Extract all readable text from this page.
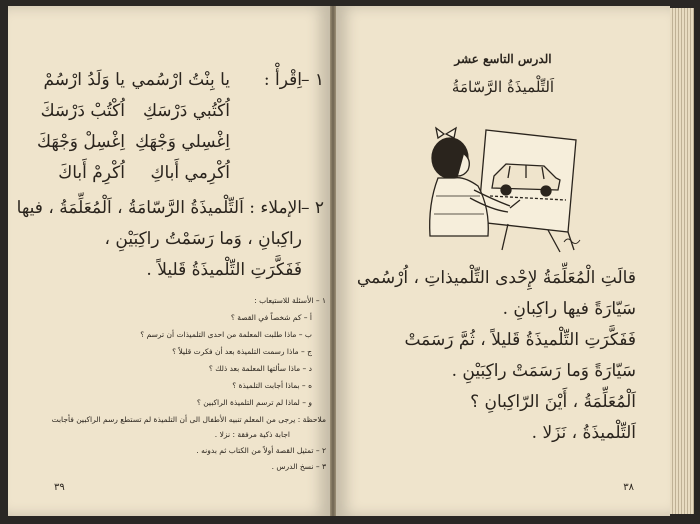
١ –
اِقْرأْ :
يا بِنْتُ ارْسُمي
اُكْتُبي دَرْسَكِ
اِغْسِلي وَجْهَكِ
اُكْرِمي أَباكِ
يا وَلَدُ ارْسُمْ
اُكْتُبْ دَرْسَكَ
اِغْسِلْ وَجْهَكَ
اُكْرِمْ أَباكَ
٢ –
الإملاء : اَلتِّلْميذَةُ الرَّسّامَةُ ، اَلْمُعَلِّمَةُ ، فيها
راكِبانِ ، وَما رَسَمْتُ راكِبَيْنِ ،
فَفَكَّرَتِ التِّلْميذَةُ قَليلاً .
١ – الأسئلة للاستيعاب :
أ – كم شخصاً في القصة ؟
ب – ماذا طلبت المعلمة من احدى التلميذات أن ترسم ؟
ج – ماذا رسمت التلميذة بعد أن فكرت قليلاً ؟
د – ماذا سألتها المعلمة بعد ذلك ؟
ه – بماذا أجابت التلميذة ؟
و – لماذا لم ترسم التلميذة الراكبين ؟
ملاحظة : يرجى من المعلم تنبيه الأطفال الى أن التلميذة لم تستطع رسم الراكبين فأجابت
اجابة ذكية مرفقة : نزلا .
٢ – تمثيل القصة أولاً من الكتاب ثم بدونه .
٣ – نسخ الدرس .
٣٩
الدرس التاسع عشر
اَلتِّلْميذَةُ الرَّسّامَةُ
قالَتِ الْمُعَلِّمَةُ لإِحْدى التِّلْميذاتِ ، اُرْسُمي
سَيّارَةً فيها راكِبانِ .
فَفَكَّرَتِ التِّلْميذَةُ قَليلاً ، ثُمَّ رَسَمَتْ
سَيّارَةً وَما رَسَمَتْ راكِبَيْنِ .
اَلْمُعَلِّمَةُ ، أَيْنَ الرّاكِبانِ ؟
اَلتِّلْميذَةُ ، نَزَلا .
٣٨
